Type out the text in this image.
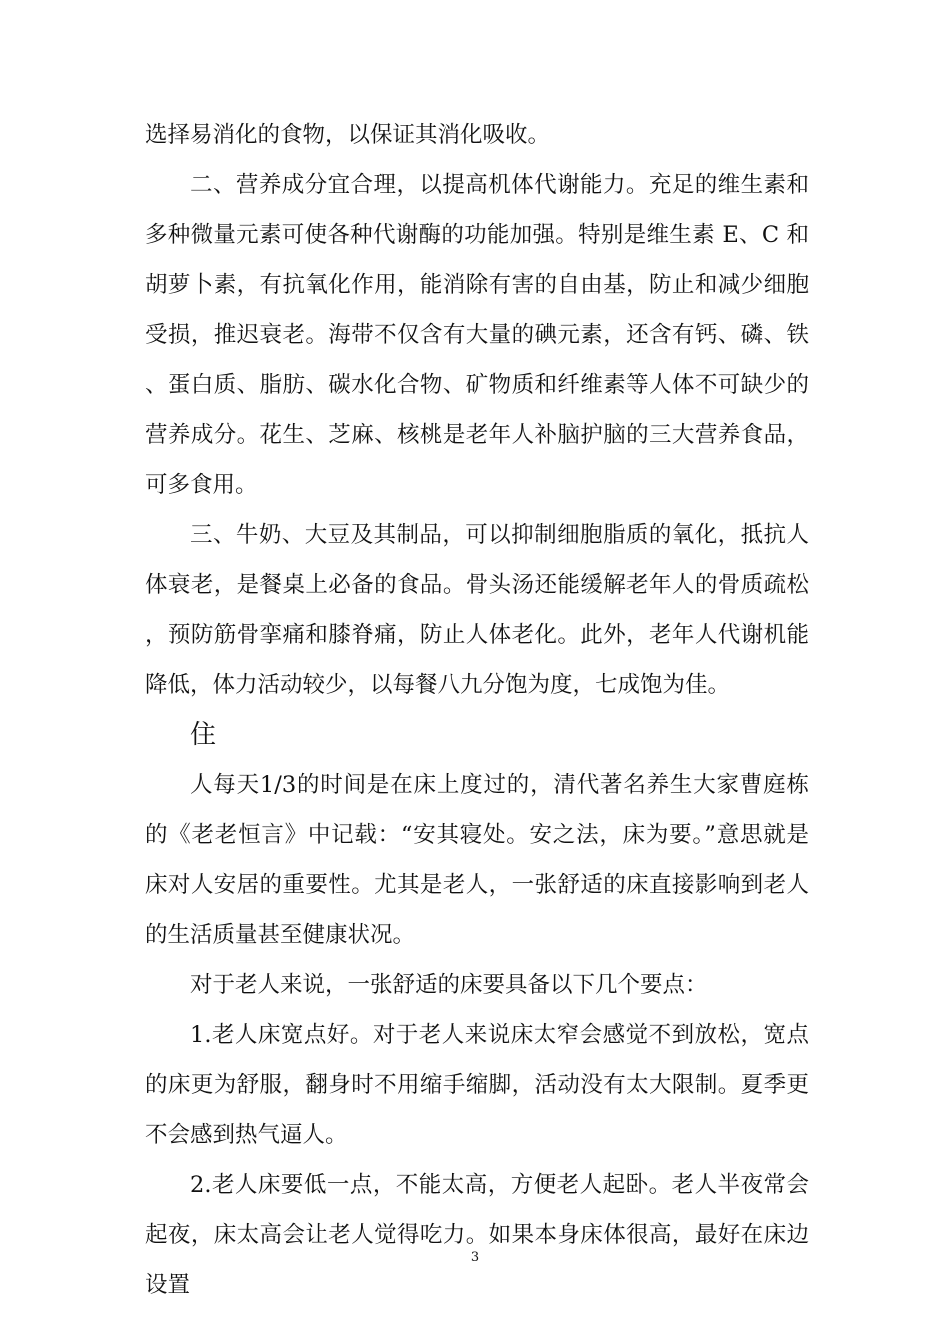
选择易消化的食物，以保证其消化吸收。

二、营养成分宜合理，以提高机体代谢能力。充足的维生素和多种微量元素可使各种代谢酶的功能加强。特别是维生素 E、C 和胡萝卜素，有抗氧化作用，能消除有害的自由基，防止和减少细胞受损，推迟衰老。海带不仅含有大量的碘元素，还含有钙、磷、铁、蛋白质、脂肪、碳水化合物、矿物质和纤维素等人体不可缺少的营养成分。花生、芝麻、核桃是老年人补脑护脑的三大营养食品，可多食用。

三、牛奶、大豆及其制品，可以抑制细胞脂质的氧化，抵抗人体衰老，是餐桌上必备的食品。骨头汤还能缓解老年人的骨质疏松，预防筋骨挛痛和膝脊痛，防止人体老化。此外，老年人代谢机能降低，体力活动较少，以每餐八九分饱为度，七成饱为佳。

住

人每天1/3的时间是在床上度过的，清代著名养生大家曹庭栋的《老老恒言》中记载：“安其寝处。安之法，床为要。”意思就是床对人安居的重要性。尤其是老人，一张舒适的床直接影响到老人的生活质量甚至健康状况。

对于老人来说，一张舒适的床要具备以下几个要点：

1.老人床宽点好。对于老人来说床太窄会感觉不到放松，宽点的床更为舒服，翻身时不用缩手缩脚，活动没有太大限制。夏季更不会感到热气逼人。

2.老人床要低一点，不能太高，方便老人起卧。老人半夜常会起夜，床太高会让老人觉得吃力。如果本身床体很高，最好在床边设置

3
